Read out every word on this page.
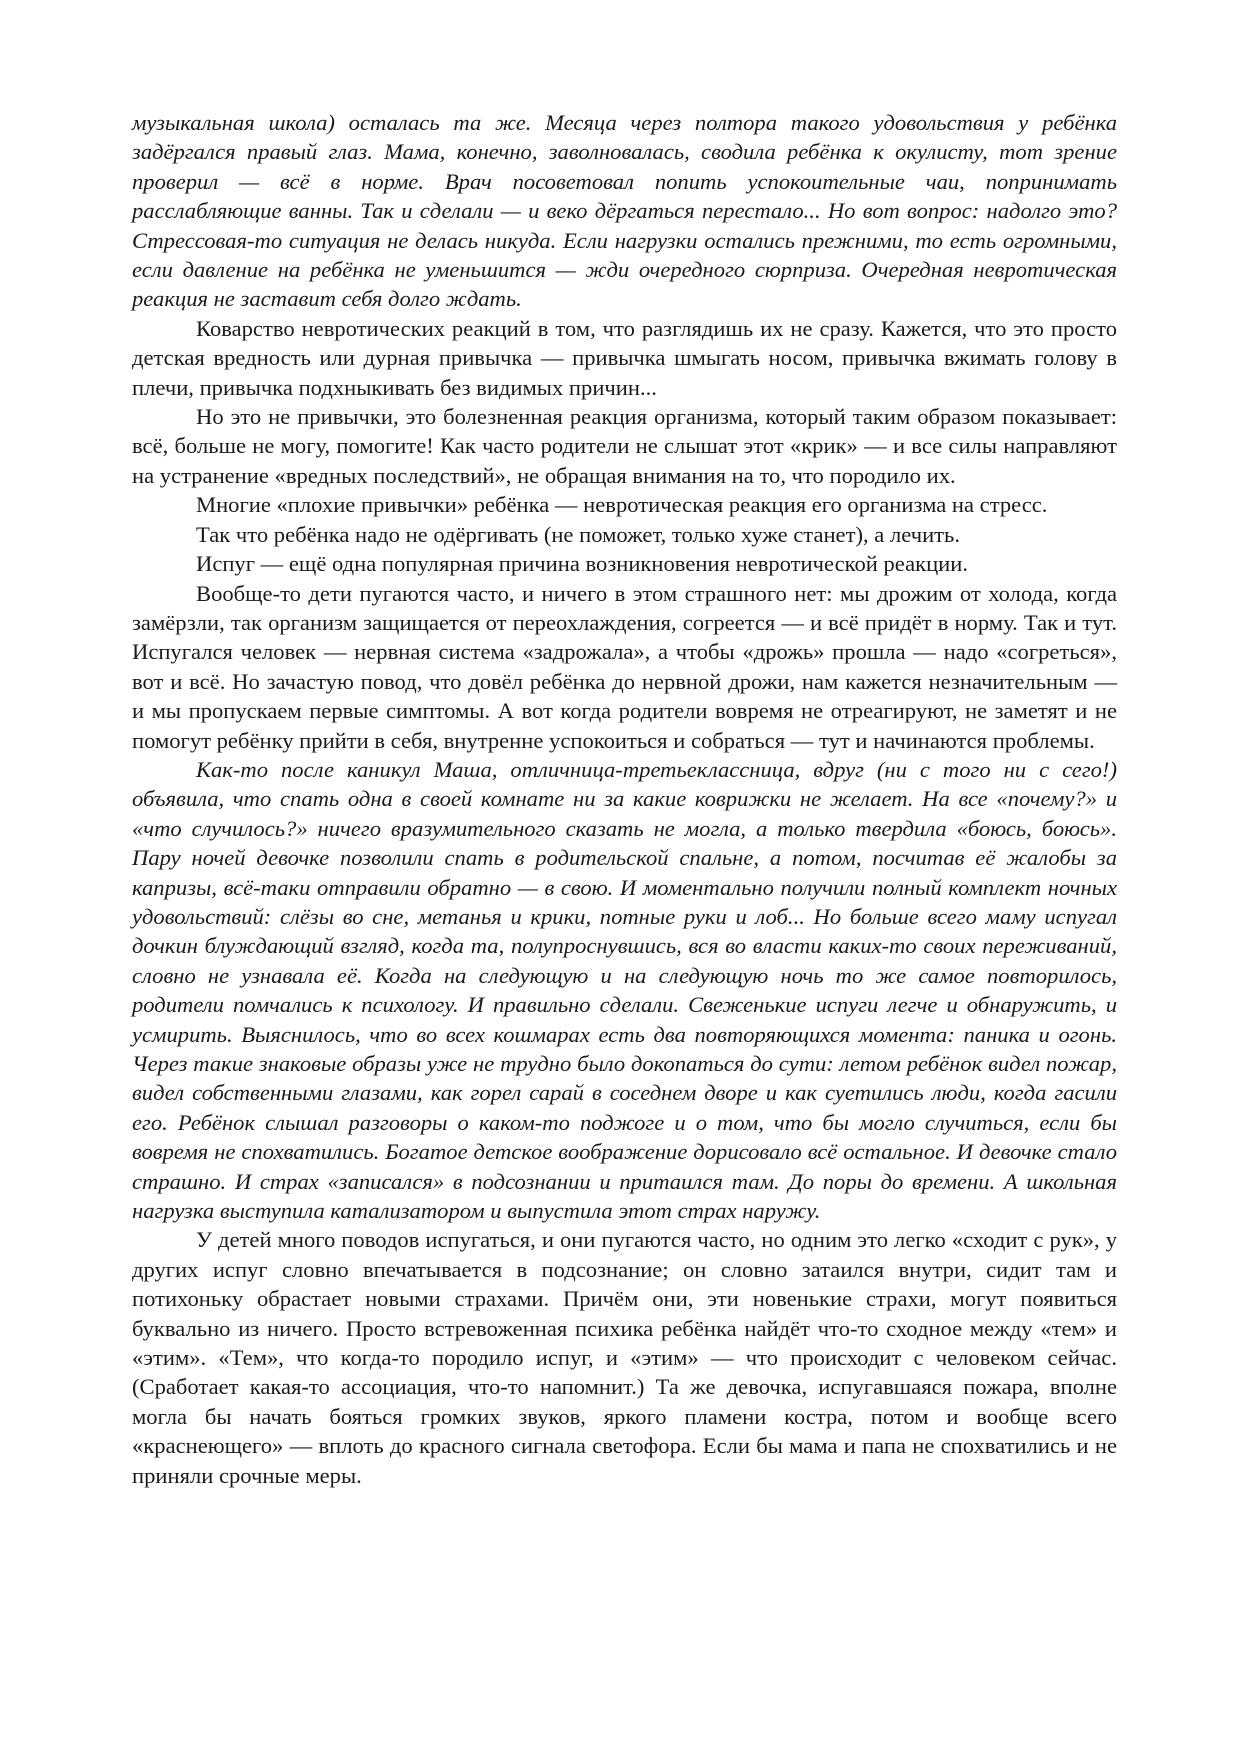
музыкальная школа) осталась та же. Месяца через полтора такого удовольствия у ребёнка задёргался правый глаз. Мама, конечно, заволновалась, сводила ребёнка к окулисту, тот зрение проверил — всё в норме. Врач посоветовал попить успокоительные чаи, попринимать расслабляющие ванны. Так и сделали — и веко дёргаться перестало... Но вот вопрос: надолго это? Стрессовая-то ситуация не делась никуда. Если нагрузки остались прежними, то есть огромными, если давление на ребёнка не уменьшится — жди очередного сюрприза. Очередная невротическая реакция не заставит себя долго ждать.

Коварство невротических реакций в том, что разглядишь их не сразу. Кажется, что это просто детская вредность или дурная привычка — привычка шмыгать носом, привычка вжимать голову в плечи, привычка подхныкивать без видимых причин...

Но это не привычки, это болезненная реакция организма, который таким образом показывает: всё, больше не могу, помогите! Как часто родители не слышат этот «крик» — и все силы направляют на устранение «вредных последствий», не обращая внимания на то, что породило их.

Многие «плохие привычки» ребёнка — невротическая реакция его организма на стресс.

Так что ребёнка надо не одёргивать (не поможет, только хуже станет), а лечить.

Испуг — ещё одна популярная причина возникновения невротической реакции.

Вообще-то дети пугаются часто, и ничего в этом страшного нет: мы дрожим от холода, когда замёрзли, так организм защищается от переохлаждения, согреется — и всё придёт в норму. Так и тут. Испугался человек — нервная система «задрожала», а чтобы «дрожь» прошла — надо «согреться», вот и всё. Но зачастую повод, что довёл ребёнка до нервной дрожи, нам кажется незначительным — и мы пропускаем первые симптомы. А вот когда родители вовремя не отреагируют, не заметят и не помогут ребёнку прийти в себя, внутренне успокоиться и собраться — тут и начинаются проблемы.

Как-то после каникул Маша, отличница-третьеклассница, вдруг (ни с того ни с сего!) объявила, что спать одна в своей комнате ни за какие коврижки не желает. На все «почему?» и «что случилось?» ничего вразумительного сказать не могла, а только твердила «боюсь, боюсь». Пару ночей девочке позволили спать в родительской спальне, а потом, посчитав её жалобы за капризы, всё-таки отправили обратно — в свою. И моментально получили полный комплект ночных удовольствий: слёзы во сне, метанья и крики, потные руки и лоб... Но больше всего маму испугал дочкин блуждающий взгляд, когда та, полупроснувшись, вся во власти каких-то своих переживаний, словно не узнавала её. Когда на следующую и на следующую ночь то же самое повторилось, родители помчались к психологу. И правильно сделали. Свеженькие испуги легче и обнаружить, и усмирить. Выяснилось, что во всех кошмарах есть два повторяющихся момента: паника и огонь. Через такие знаковые образы уже не трудно было докопаться до сути: летом ребёнок видел пожар, видел собственными глазами, как горел сарай в соседнем дворе и как суетились люди, когда гасили его. Ребёнок слышал разговоры о каком-то поджоге и о том, что бы могло случиться, если бы вовремя не спохватились. Богатое детское воображение дорисовало всё остальное. И девочке стало страшно. И страх «записался» в подсознании и притаился там. До поры до времени. А школьная нагрузка выступила катализатором и выпустила этот страх наружу.

У детей много поводов испугаться, и они пугаются часто, но одним это легко «сходит с рук», у других испуг словно впечатывается в подсознание; он словно затаился внутри, сидит там и потихоньку обрастает новыми страхами. Причём они, эти новенькие страхи, могут появиться буквально из ничего. Просто встревоженная психика ребёнка найдёт что-то сходное между «тем» и «этим». «Тем», что когда-то породило испуг, и «этим» — что происходит с человеком сейчас. (Сработает какая-то ассоциация, что-то напомнит.) Та же девочка, испугавшаяся пожара, вполне могла бы начать бояться громких звуков, яркого пламени костра, потом и вообще всего «краснеющего» — вплоть до красного сигнала светофора. Если бы мама и папа не спохватились и не приняли срочные меры.
